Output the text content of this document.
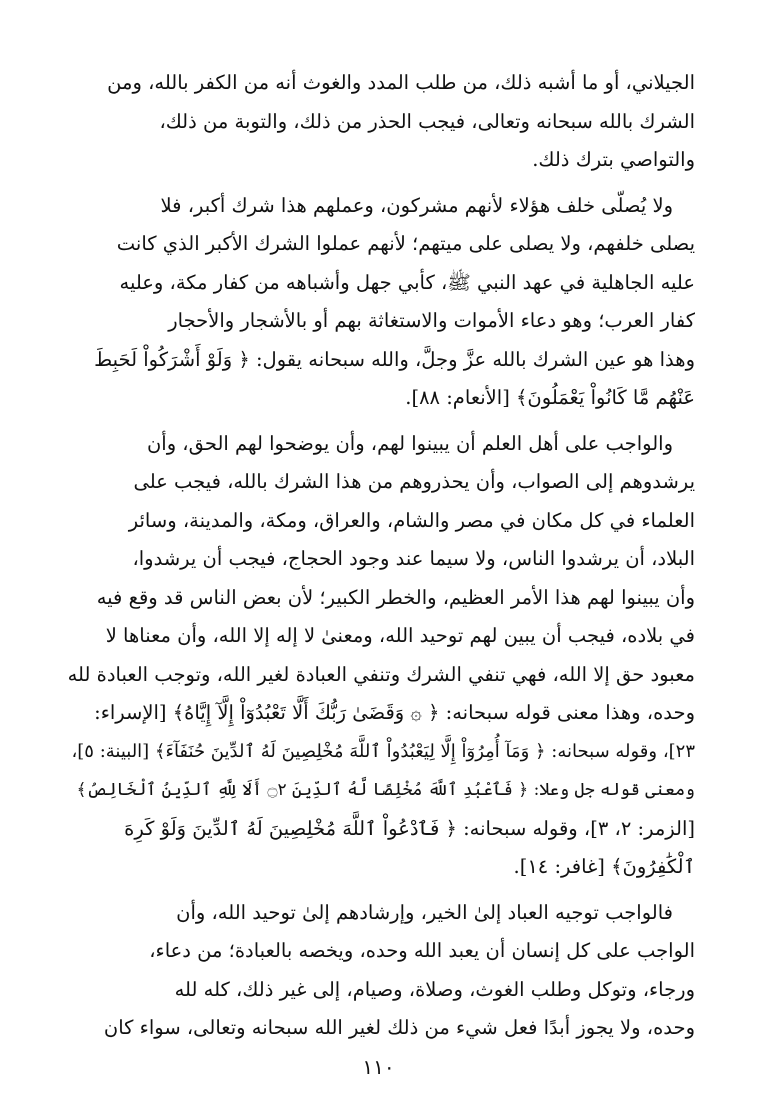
الجيلاني، أو ما أشبه ذلك، من طلب المدد والغوث أنه من الكفر بالله، ومن
الشرك بالله سبحانه وتعالى، فيجب الحذر من ذلك، والتوبة من ذلك،
والتواصي بترك ذلك.
ولا يُصلّى خلف هؤلاء لأنهم مشركون، وعملهم هذا شرك أكبر، فلا
يصلى خلفهم، ولا يصلى على ميتهم؛ لأنهم عملوا الشرك الأكبر الذي كانت
عليه الجاهلية في عهد النبي ﷺ، كأبي جهل وأشباهه من كفار مكة، وعليه
كفار العرب؛ وهو دعاء الأموات والاستغاثة بهم أو بالأشجار والأحجار
وهذا هو عين الشرك بالله عزَّ وجلَّ، والله سبحانه يقول: ﴿ وَلَوْ أَشْرَكُواْ لَحَبِطَ
عَنْهُم مَّا كَانُواْ يَعْمَلُونَ﴾ [الأنعام: ٨٨].
والواجب على أهل العلم أن يبينوا لهم، وأن يوضحوا لهم الحق، وأن
يرشدوهم إلى الصواب، وأن يحذروهم من هذا الشرك بالله، فيجب على
العلماء في كل مكان في مصر والشام، والعراق، ومكة، والمدينة، وسائر
البلاد، أن يرشدوا الناس، ولا سيما عند وجود الحجاج، فيجب أن يرشدوا،
وأن يبينوا لهم هذا الأمر العظيم، والخطر الكبير؛ لأن بعض الناس قد وقع فيه
في بلاده، فيجب أن يبين لهم توحيد الله، ومعنىٰ لا إله إلا الله، وأن معناها لا
معبود حق إلا الله، فهي تنفي الشرك وتنفي العبادة لغير الله، وتوجب العبادة لله
وحده، وهذا معنى قوله سبحانه: ﴿ ۞ وَقَضَىٰ رَبُّكَ أَلَّا تَعْبُدُوٓاْ إِلَّآ إِيَّاهُ﴾ [الإسراء:
٢٣]، وقوله سبحانه: ﴿ وَمَآ أُمِرُوٓاْ إِلَّا لِيَعْبُدُواْ ٱللَّهَ مُخْلِصِينَ لَهُ ٱلدِّينَ حُنَفَآءَ﴾ [البينة: ٥]،
ومعنى قوله جل وعلا: ﴿ فَٱعْبُدِ ٱللَّهَ مُخْلِصًا لَّهُ ٱلدِّينَ ۝٢ أَلَا لِلَّهِ ٱلدِّينُ ٱلْخَالِصُ﴾
[الزمر: ٢، ٣]، وقوله سبحانه: ﴿ فَٱدْعُواْ ٱللَّهَ مُخْلِصِينَ لَهُ ٱلدِّينَ وَلَوْ كَرِهَ
ٱلْكَٰفِرُونَ﴾ [غافر: ١٤].
فالواجب توجيه العباد إلىٰ الخير، وإرشادهم إلىٰ توحيد الله، وأن
الواجب على كل إنسان أن يعبد الله وحده، ويخصه بالعبادة؛ من دعاء،
ورجاء، وتوكل وطلب الغوث، وصلاة، وصيام، إلى غير ذلك، كله لله
وحده، ولا يجوز أبدًا فعل شيء من ذلك لغير الله سبحانه وتعالى، سواء كان
١١٠
